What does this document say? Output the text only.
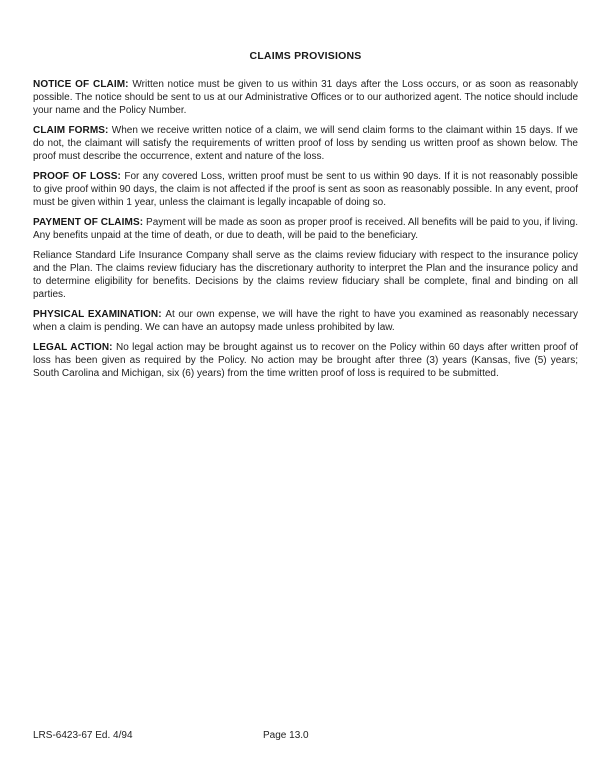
CLAIMS PROVISIONS

NOTICE OF CLAIM: Written notice must be given to us within 31 days after the Loss occurs, or as soon as reasonably possible. The notice should be sent to us at our Administrative Offices or to our authorized agent. The notice should include your name and the Policy Number.

CLAIM FORMS: When we receive written notice of a claim, we will send claim forms to the claimant within 15 days. If we do not, the claimant will satisfy the requirements of written proof of loss by sending us written proof as shown below. The proof must describe the occurrence, extent and nature of the loss.

PROOF OF LOSS: For any covered Loss, written proof must be sent to us within 90 days. If it is not reasonably possible to give proof within 90 days, the claim is not affected if the proof is sent as soon as reasonably possible. In any event, proof must be given within 1 year, unless the claimant is legally incapable of doing so.

PAYMENT OF CLAIMS: Payment will be made as soon as proper proof is received. All benefits will be paid to you, if living. Any benefits unpaid at the time of death, or due to death, will be paid to the beneficiary.

Reliance Standard Life Insurance Company shall serve as the claims review fiduciary with respect to the insurance policy and the Plan. The claims review fiduciary has the discretionary authority to interpret the Plan and the insurance policy and to determine eligibility for benefits. Decisions by the claims review fiduciary shall be complete, final and binding on all parties.

PHYSICAL EXAMINATION: At our own expense, we will have the right to have you examined as reasonably necessary when a claim is pending. We can have an autopsy made unless prohibited by law.

LEGAL ACTION: No legal action may be brought against us to recover on the Policy within 60 days after written proof of loss has been given as required by the Policy. No action may be brought after three (3) years (Kansas, five (5) years; South Carolina and Michigan, six (6) years) from the time written proof of loss is required to be submitted.

LRS-6423-67 Ed. 4/94	Page 13.0
